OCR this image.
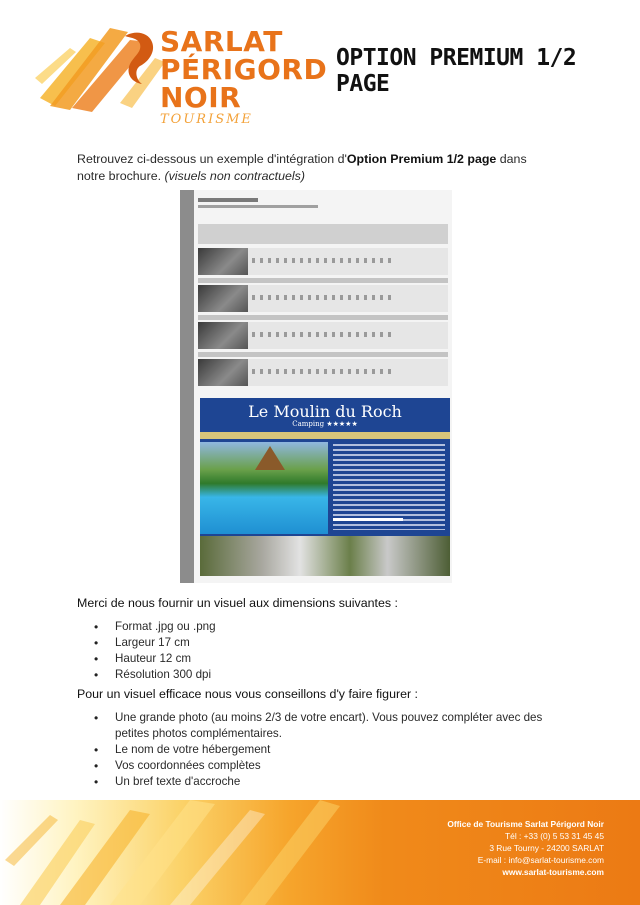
SARLAT
PÉRIGORD
NOIR
TOURISME
OPTION PREMIUM 1/2 PAGE

Retrouvez ci-dessous un exemple d'intégration d'Option Premium 1/2 page dans notre brochure. (visuels non contractuels)

Le Moulin du Roch
Camping ★★★★★
Merci de nous fournir un visuel aux dimensions suivantes :
• Format .jpg ou .png
• Largeur 17 cm
• Hauteur 12 cm
• Résolution 300 dpi
Pour un visuel efficace nous vous conseillons d'y faire figurer :
• Une grande photo (au moins 2/3 de votre encart). Vous pouvez compléter avec des petites photos complémentaires.
• Le nom de votre hébergement
• Vos coordonnées complètes
• Un bref texte d'accroche
Office de Tourisme Sarlat Périgord Noir
Tél : +33 (0) 5 53 31 45 45
3 Rue Tourny - 24200 SARLAT
E-mail : info@sarlat-tourisme.com
www.sarlat-tourisme.com
